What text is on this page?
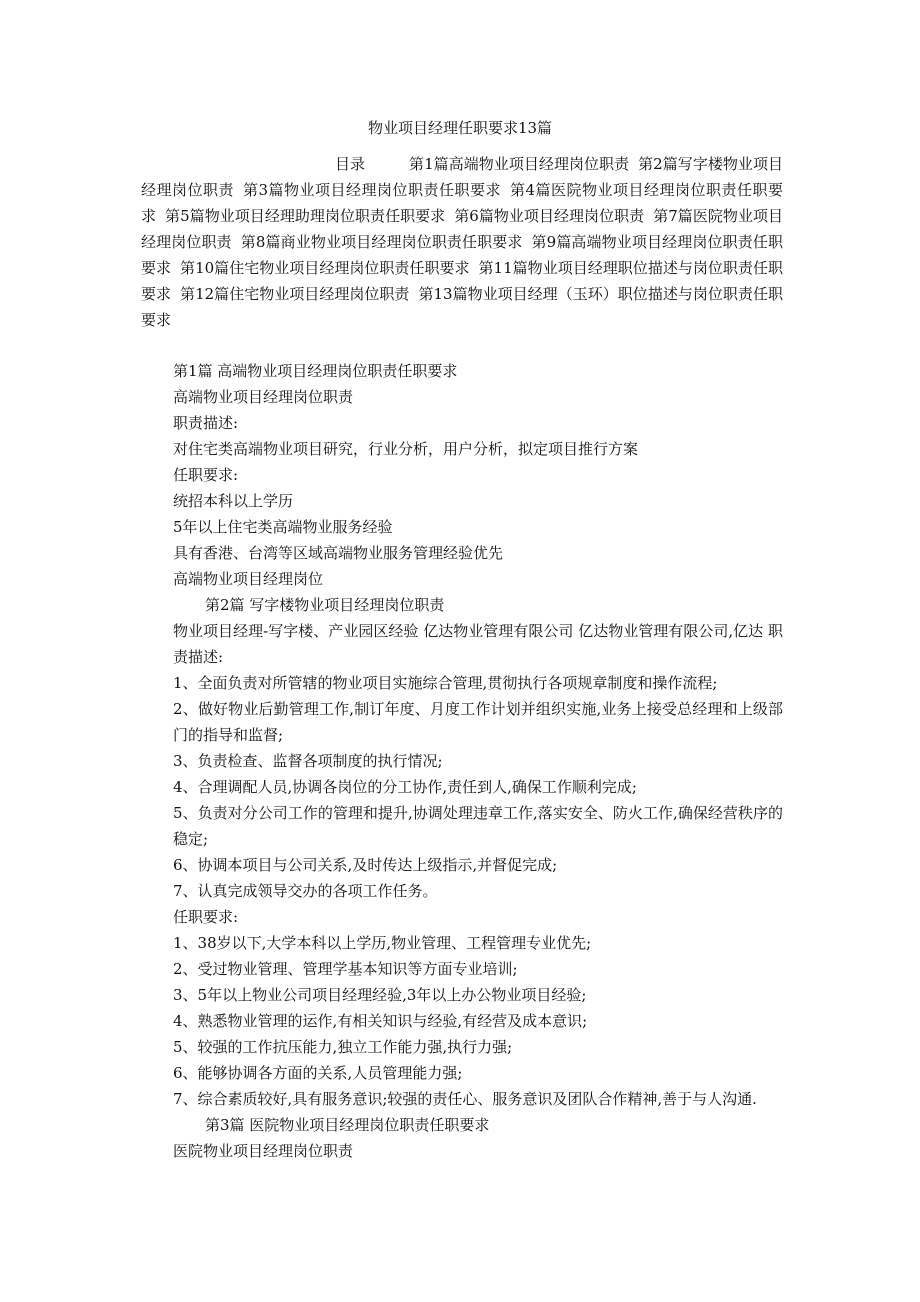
物业项目经理任职要求13篇
目录	第1篇高端物业项目经理岗位职责 第2篇写字楼物业项目经理岗位职责 第3篇物业项目经理岗位职责任职要求 第4篇医院物业项目经理岗位职责任职要求 第5篇物业项目经理助理岗位职责任职要求 第6篇物业项目经理岗位职责 第7篇医院物业项目经理岗位职责 第8篇商业物业项目经理岗位职责任职要求 第9篇高端物业项目经理岗位职责任职要求 第10篇住宅物业项目经理岗位职责任职要求 第11篇物业项目经理职位描述与岗位职责任职要求 第12篇住宅物业项目经理岗位职责 第13篇物业项目经理（玉环）职位描述与岗位职责任职要求
第1篇 高端物业项目经理岗位职责任职要求
高端物业项目经理岗位职责
职责描述:
对住宅类高端物业项目研究，行业分析，用户分析，拟定项目推行方案
任职要求:
统招本科以上学历
5年以上住宅类高端物业服务经验
具有香港、台湾等区域高端物业服务管理经验优先
高端物业项目经理岗位
第2篇 写字楼物业项目经理岗位职责
物业项目经理-写字楼、产业园区经验 亿达物业管理有限公司 亿达物业管理有限公司,亿达 职责描述:
1、全面负责对所管辖的物业项目实施综合管理,贯彻执行各项规章制度和操作流程;
2、做好物业后勤管理工作,制订年度、月度工作计划并组织实施,业务上接受总经理和上级部门的指导和监督;
3、负责检查、监督各项制度的执行情况;
4、合理调配人员,协调各岗位的分工协作,责任到人,确保工作顺利完成;
5、负责对分公司工作的管理和提升,协调处理违章工作,落实安全、防火工作,确保经营秩序的稳定;
6、协调本项目与公司关系,及时传达上级指示,并督促完成;
7、认真完成领导交办的各项工作任务。
任职要求:
1、38岁以下,大学本科以上学历,物业管理、工程管理专业优先;
2、受过物业管理、管理学基本知识等方面专业培训;
3、5年以上物业公司项目经理经验,3年以上办公物业项目经验;
4、熟悉物业管理的运作,有相关知识与经验,有经营及成本意识;
5、较强的工作抗压能力,独立工作能力强,执行力强;
6、能够协调各方面的关系,人员管理能力强;
7、综合素质较好,具有服务意识;较强的责任心、服务意识及团队合作精神,善于与人沟通.
第3篇 医院物业项目经理岗位职责任职要求
医院物业项目经理岗位职责
